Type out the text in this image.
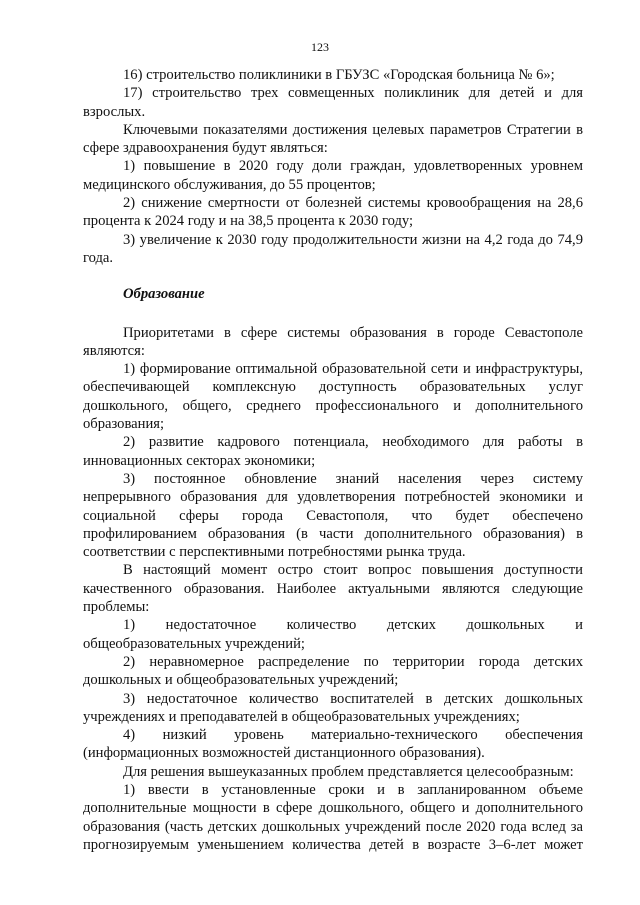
123

16) строительство поликлиники в ГБУЗС «Городская больница № 6»;

17) строительство трех совмещенных поликлиник для детей и для взрослых.

Ключевыми показателями достижения целевых параметров Стратегии в сфере здравоохранения будут являться:

1) повышение в 2020 году доли граждан, удовлетворенных уровнем медицинского обслуживания, до 55 процентов;

2) снижение смертности от болезней системы кровообращения на 28,6 процента к 2024 году и на 38,5 процента к 2030 году;

3) увеличение к 2030 году продолжительности жизни на 4,2 года до 74,9 года.

Образование

Приоритетами в сфере системы образования в городе Севастополе являются:

1) формирование оптимальной образовательной сети и инфраструктуры, обеспечивающей комплексную доступность образовательных услуг дошкольного, общего, среднего профессионального и дополнительного образования;

2) развитие кадрового потенциала, необходимого для работы в инновационных секторах экономики;

3) постоянное обновление знаний населения через систему непрерывного образования для удовлетворения потребностей экономики и социальной сферы города Севастополя, что будет обеспечено профилированием образования (в части дополнительного образования) в соответствии с перспективными потребностями рынка труда.

В настоящий момент остро стоит вопрос повышения доступности качественного образования. Наиболее актуальными являются следующие проблемы:

1) недостаточное количество детских дошкольных и общеобразовательных учреждений;

2) неравномерное распределение по территории города детских дошкольных и общеобразовательных учреждений;

3) недостаточное количество воспитателей в детских дошкольных учреждениях и преподавателей в общеобразовательных учреждениях;

4) низкий уровень материально-технического обеспечения (информационных возможностей дистанционного образования).

Для решения вышеуказанных проблем представляется целесообразным:

1) ввести в установленные сроки и в запланированном объеме дополнительные мощности в сфере дошкольного, общего и дополнительного образования (часть детских дошкольных учреждений после 2020 года вслед за прогнозируемым уменьшением количества детей в возрасте 3–6-лет может
